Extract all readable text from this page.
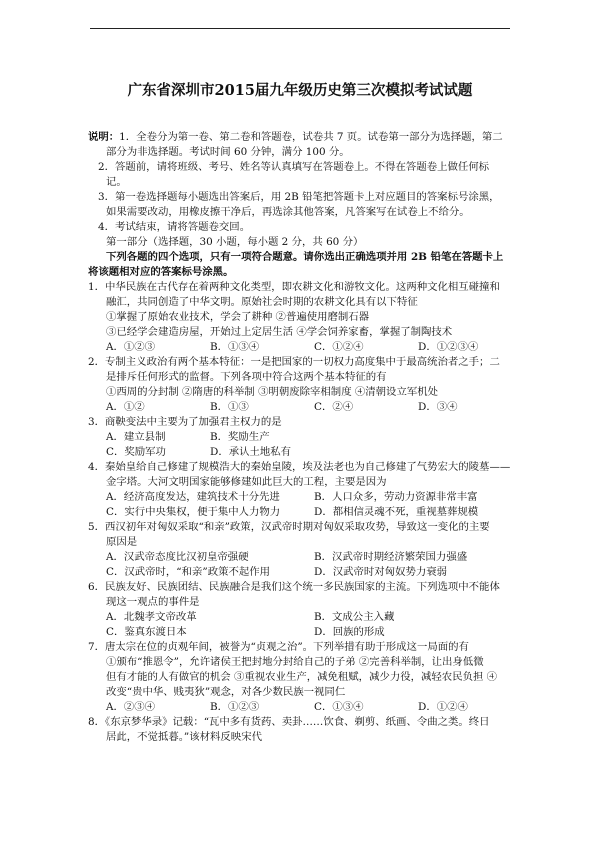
广东省深圳市2015届九年级历史第三次模拟考试试题
说明：1．全卷分为第一卷、第二卷和答题卷，试卷共 7 页。试卷第一部分为选择题，第二
部分为非选择题。考试时间 60 分钟，满分 100 分。
2．答题前，请将班级、考号、姓名等认真填写在答题卷上。不得在答题卷上做任何标
记。
3．第一卷选择题每小题选出答案后，用 2B 铅笔把答题卡上对应题目的答案标号涂黑，
如果需要改动，用橡皮擦干净后，再选涂其他答案，凡答案写在试卷上不给分。
4．考试结束，请将答题卷交回。
第一部分（选择题，30 小题，每小题 2 分，共 60 分）
下列各题的四个选项，只有一项符合题意。请你选出正确选项并用 2B 铅笔在答题卡上
将该题相对应的答案标号涂黑。
1．中华民族在古代存在着两种文化类型，即农耕文化和游牧文化。这两种文化相互碰撞和
融汇，共同创造了中华文明。原始社会时期的农耕文化具有以下特征
①掌握了原始农业技术，学会了耕种 ②普遍使用磨制石器
③已经学会建造房屋，开始过上定居生活 ④学会饲养家畜，掌握了制陶技术
A．①②③	B．①③④	C．①②④	D．①②③④
2．专制主义政治有两个基本特征：一是把国家的一切权力高度集中于最高统治者之手；二
是排斥任何形式的监督。下列各项中符合这两个基本特征的有
①西周的分封制 ②隋唐的科举制 ③明朝废除宰相制度 ④清朝设立军机处
A．①②	B．①③	C．②④	D．③④
3．商鞅变法中主要为了加强君主权力的是
A．建立县制	B．奖励生产
C．奖励军功	D．承认土地私有
4．秦始皇给自己修建了规模浩大的秦始皇陵，埃及法老也为自己修建了气势宏大的陵墓——
金字塔。大河文明国家能够修建如此巨大的工程，主要是因为
A．经济高度发达，建筑技术十分先进	B．人口众多，劳动力资源非常丰富
C．实行中央集权，便于集中人力物力	D．都相信灵魂不死，重视墓葬规模
5．西汉初年对匈奴采取“和亲”政策，汉武帝时期对匈奴采取攻势，导致这一变化的主要
原因是
A．汉武帝态度比汉初皇帝强硬	B．汉武帝时期经济繁荣国力强盛
C．汉武帝时，“和亲”政策不起作用	D．汉武帝时对匈奴势力衰弱
6．民族友好、民族团结、民族融合是我们这个统一多民族国家的主流。下列选项中不能体
现这一观点的事件是
A．北魏孝文帝改革	B．文成公主入藏
C．鉴真东渡日本	D．回族的形成
7．唐太宗在位的贞观年间，被誉为“贞观之治”。下列举措有助于形成这一局面的有
①颁布“推恩令”，允许诸侯王把封地分封给自己的子弟 ②完善科举制，让出身低微
但有才能的人有做官的机会 ③重视农业生产，减免租赋，减少力役，减轻农民负担 ④
改变“贵中华、贱夷狄”观念，对各少数民族一视同仁
A．②③④	B．①②③	C．①③④	D．①②④
8．《东京梦华录》记载：“瓦中多有货药、卖卦……饮食、剃剪、纸画、令曲之类。终日
居此，不觉抵暮。”该材料反映宋代
